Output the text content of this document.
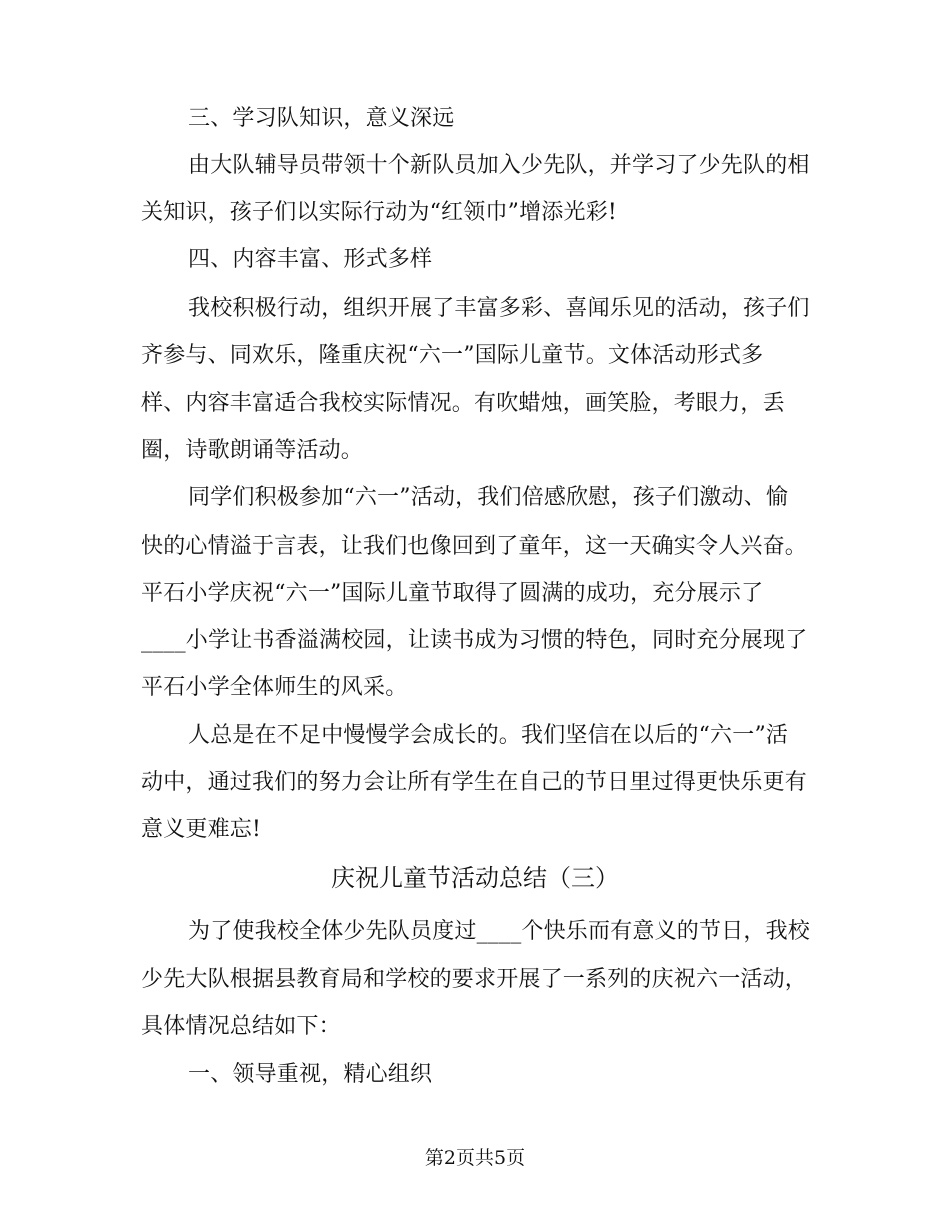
三、学习队知识，意义深远
由大队辅导员带领十个新队员加入少先队，并学习了少先队的相
关知识，孩子们以实际行动为“红领巾”增添光彩!
四、内容丰富、形式多样
我校积极行动，组织开展了丰富多彩、喜闻乐见的活动，孩子们
齐参与、同欢乐，隆重庆祝“六一”国际儿童节。文体活动形式多
样、内容丰富适合我校实际情况。有吹蜡烛，画笑脸，考眼力，丢
圈，诗歌朗诵等活动。
同学们积极参加“六一”活动，我们倍感欣慰，孩子们激动、愉
快的心情溢于言表，让我们也像回到了童年，这一天确实令人兴奋。
平石小学庆祝“六一”国际儿童节取得了圆满的成功，充分展示了
____小学让书香溢满校园，让读书成为习惯的特色，同时充分展现了
平石小学全体师生的风采。
人总是在不足中慢慢学会成长的。我们坚信在以后的“六一”活
动中，通过我们的努力会让所有学生在自己的节日里过得更快乐更有
意义更难忘!
庆祝儿童节活动总结（三）
为了使我校全体少先队员度过____个快乐而有意义的节日，我校
少先大队根据县教育局和学校的要求开展了一系列的庆祝六一活动，
具体情况总结如下：
一、领导重视，精心组织
第2页共5页
